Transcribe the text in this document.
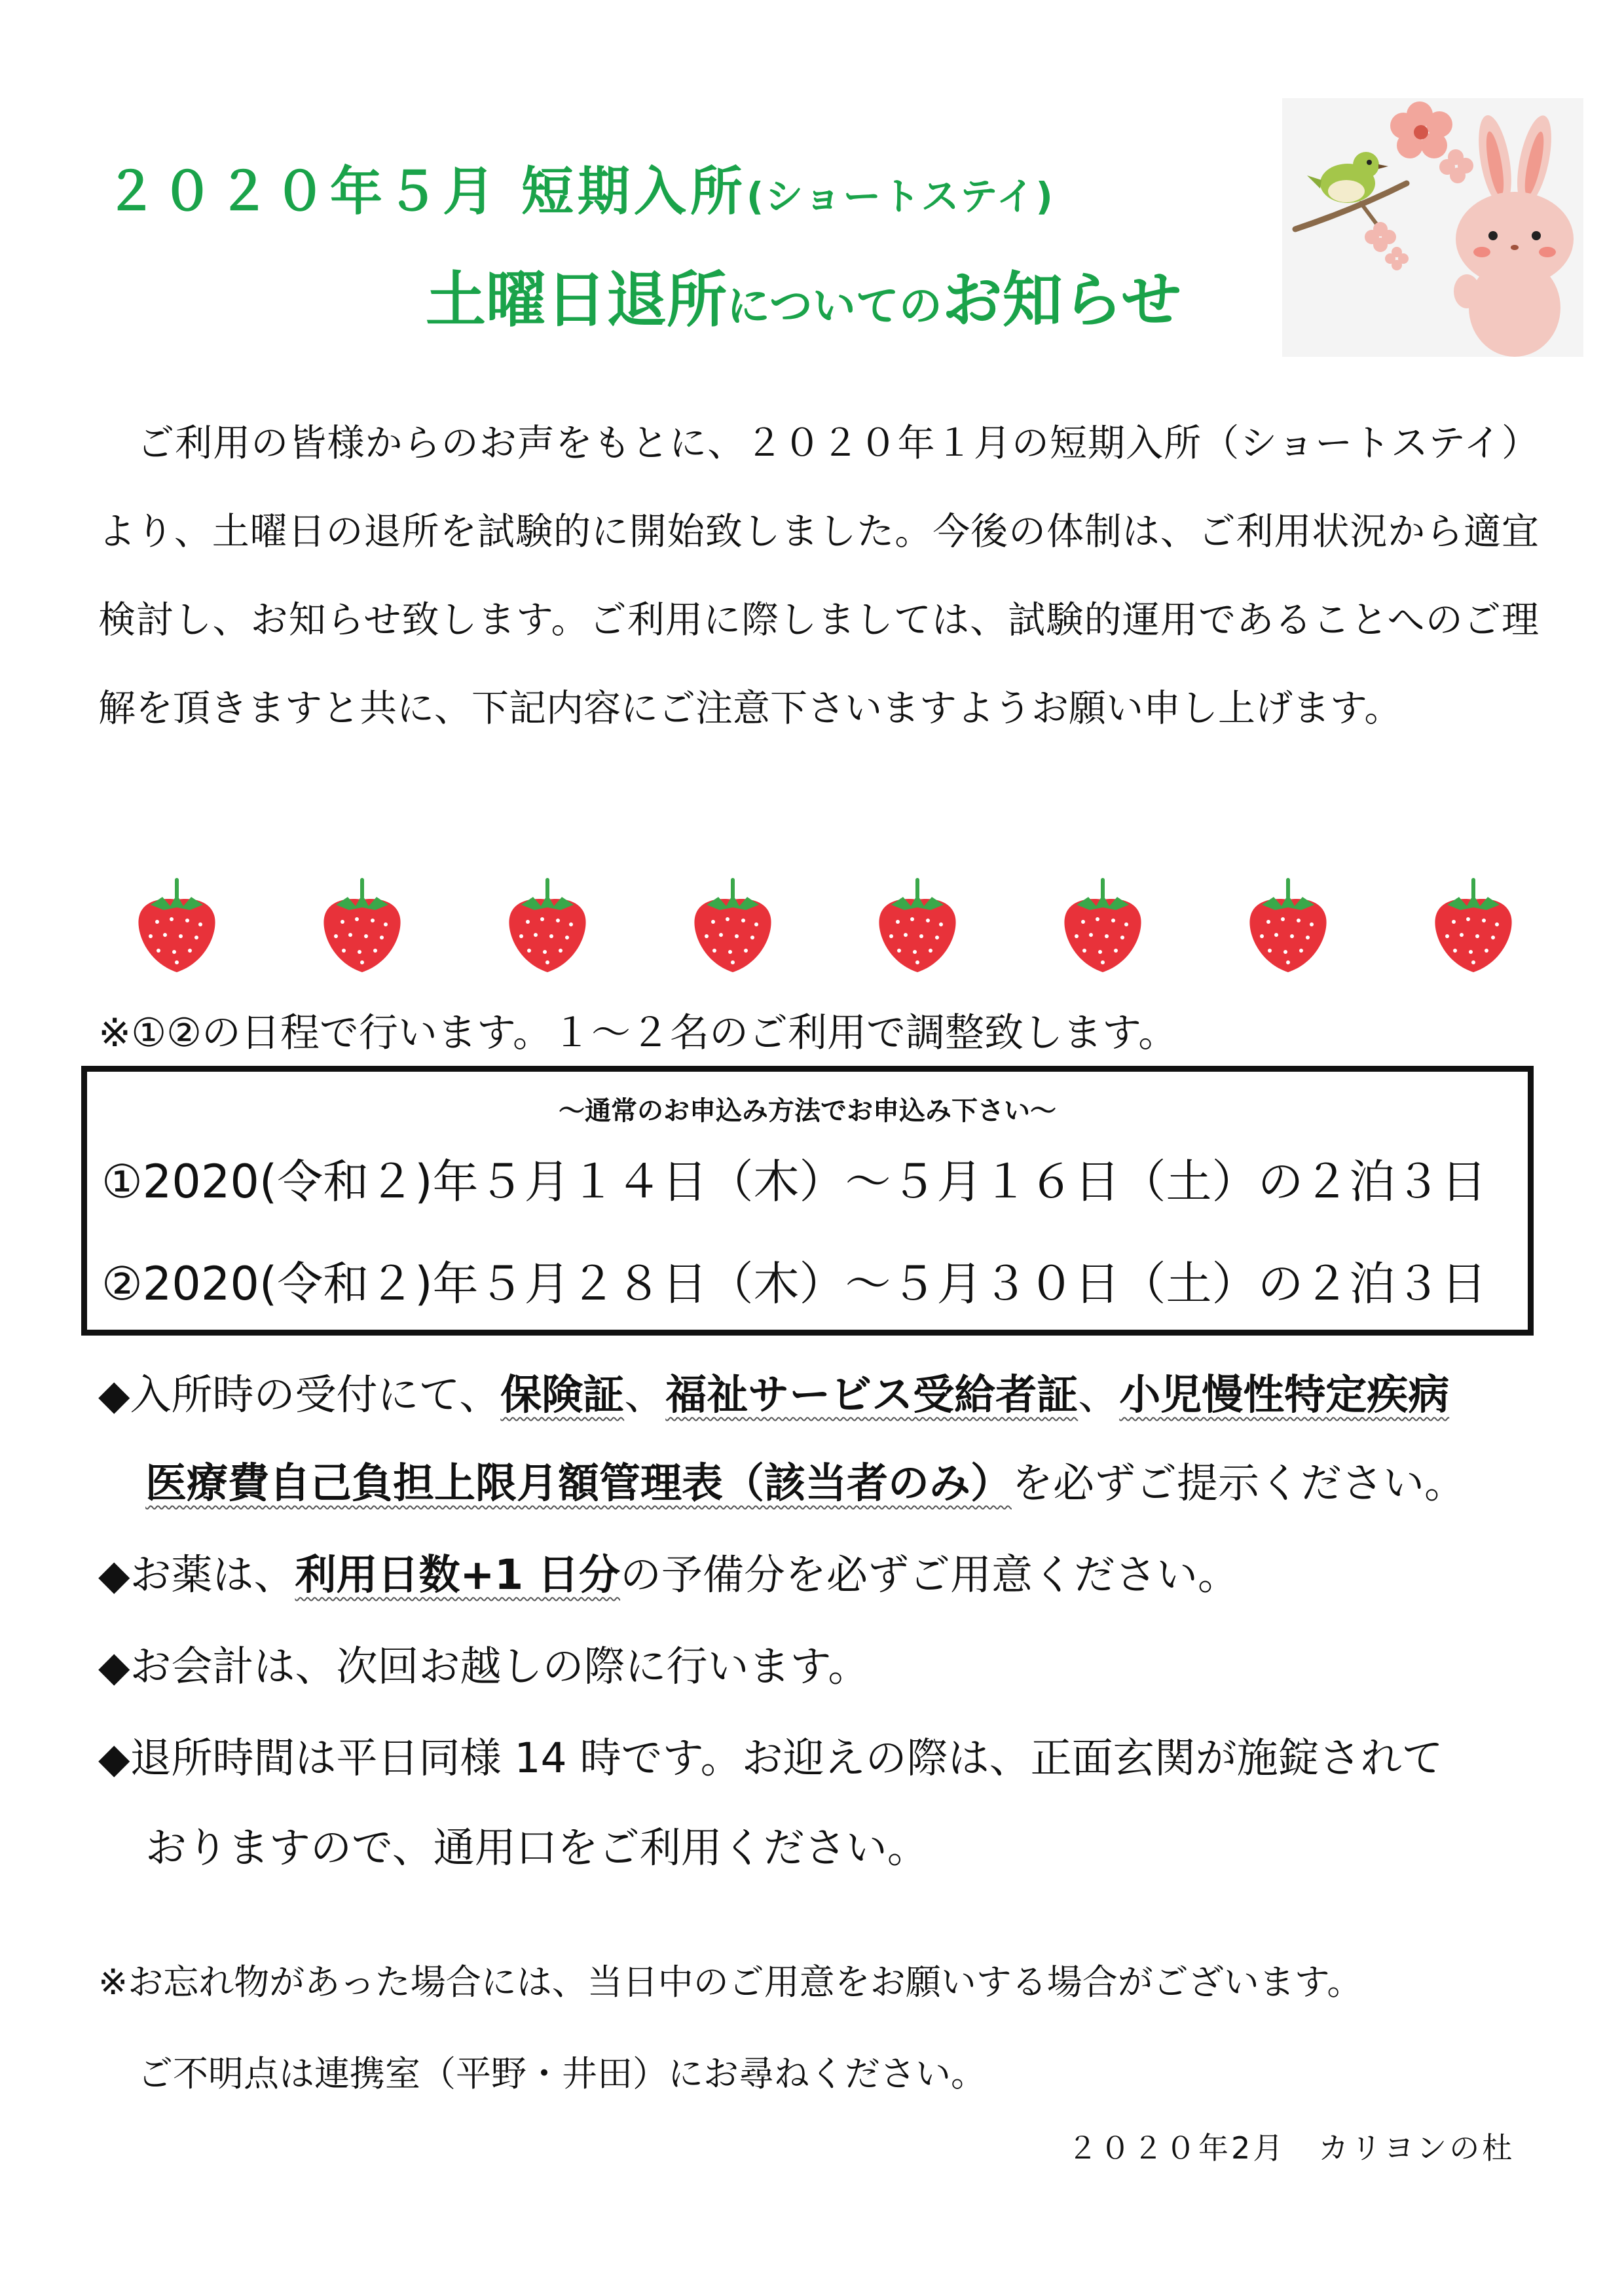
２０２０年５月 短期入所(ショートステイ)
土曜日退所についてのお知らせ
ご利用の皆様からのお声をもとに、２０２０年１月の短期入所（ショートステイ）より、土曜日の退所を試験的に開始致しました。今後の体制は、ご利用状況から適宜検討し、お知らせ致します。ご利用に際しましては、試験的運用であることへのご理解を頂きますと共に、下記内容にご注意下さいますようお願い申し上げます。
※①②の日程で行います。１～２名のご利用で調整致します。
～通常のお申込み方法でお申込み下さい～
①2020(令和２)年５月１４日（木）～５月１６日（土）の２泊３日
②2020(令和２)年５月２８日（木）～５月３０日（土）の２泊３日
◆入所時の受付にて、保険証、福祉サービス受給者証、小児慢性特定疾病
医療費自己負担上限月額管理表（該当者のみ）を必ずご提示ください。
◆お薬は、利用日数+1 日分の予備分を必ずご用意ください。
◆お会計は、次回お越しの際に行います。
◆退所時間は平日同様 14 時です。お迎えの際は、正面玄関が施錠されて
おりますので、通用口をご利用ください。
※お忘れ物があった場合には、当日中のご用意をお願いする場合がございます。
ご不明点は連携室（平野・井田）にお尋ねください。
２０２０年2月　カリヨンの杜
